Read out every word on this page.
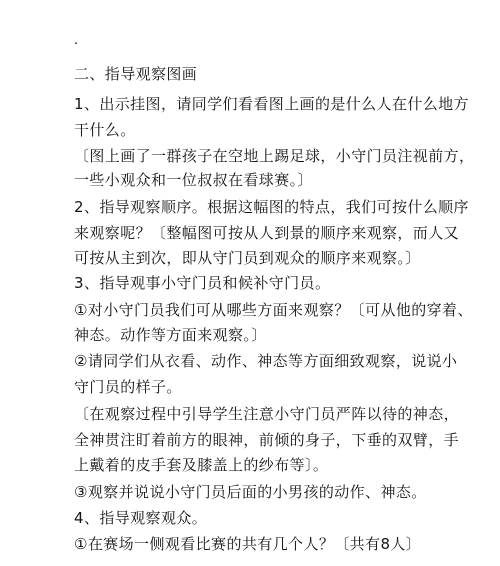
.
二、指导观察图画
1、出示挂图，请同学们看看图上画的是什么人在什么地方
干什么。
〔图上画了一群孩子在空地上踢足球，小守门员注视前方，
一些小观众和一位叔叔在看球赛。〕
2、指导观察顺序。根据这幅图的特点，我们可按什么顺序
来观察呢？〔整幅图可按从人到景的顺序来观察，而人又
可按从主到次，即从守门员到观众的顺序来观察。〕
3、指导观事小守门员和候补守门员。
①对小守门员我们可从哪些方面来观察？〔可从他的穿着、
神态。动作等方面来观察。〕
②请同学们从衣看、动作、神态等方面细致观察，说说小
守门员的样子。
〔在观察过程中引导学生注意小守门员严阵以待的神态，
全神贯注盯着前方的眼神，前倾的身子，下垂的双臂，手
上戴着的皮手套及膝盖上的纱布等〕。
③观察并说说小守门员后面的小男孩的动作、神态。
4、指导观察观众。
①在赛场一侧观看比赛的共有几个人？〔共有8人〕
